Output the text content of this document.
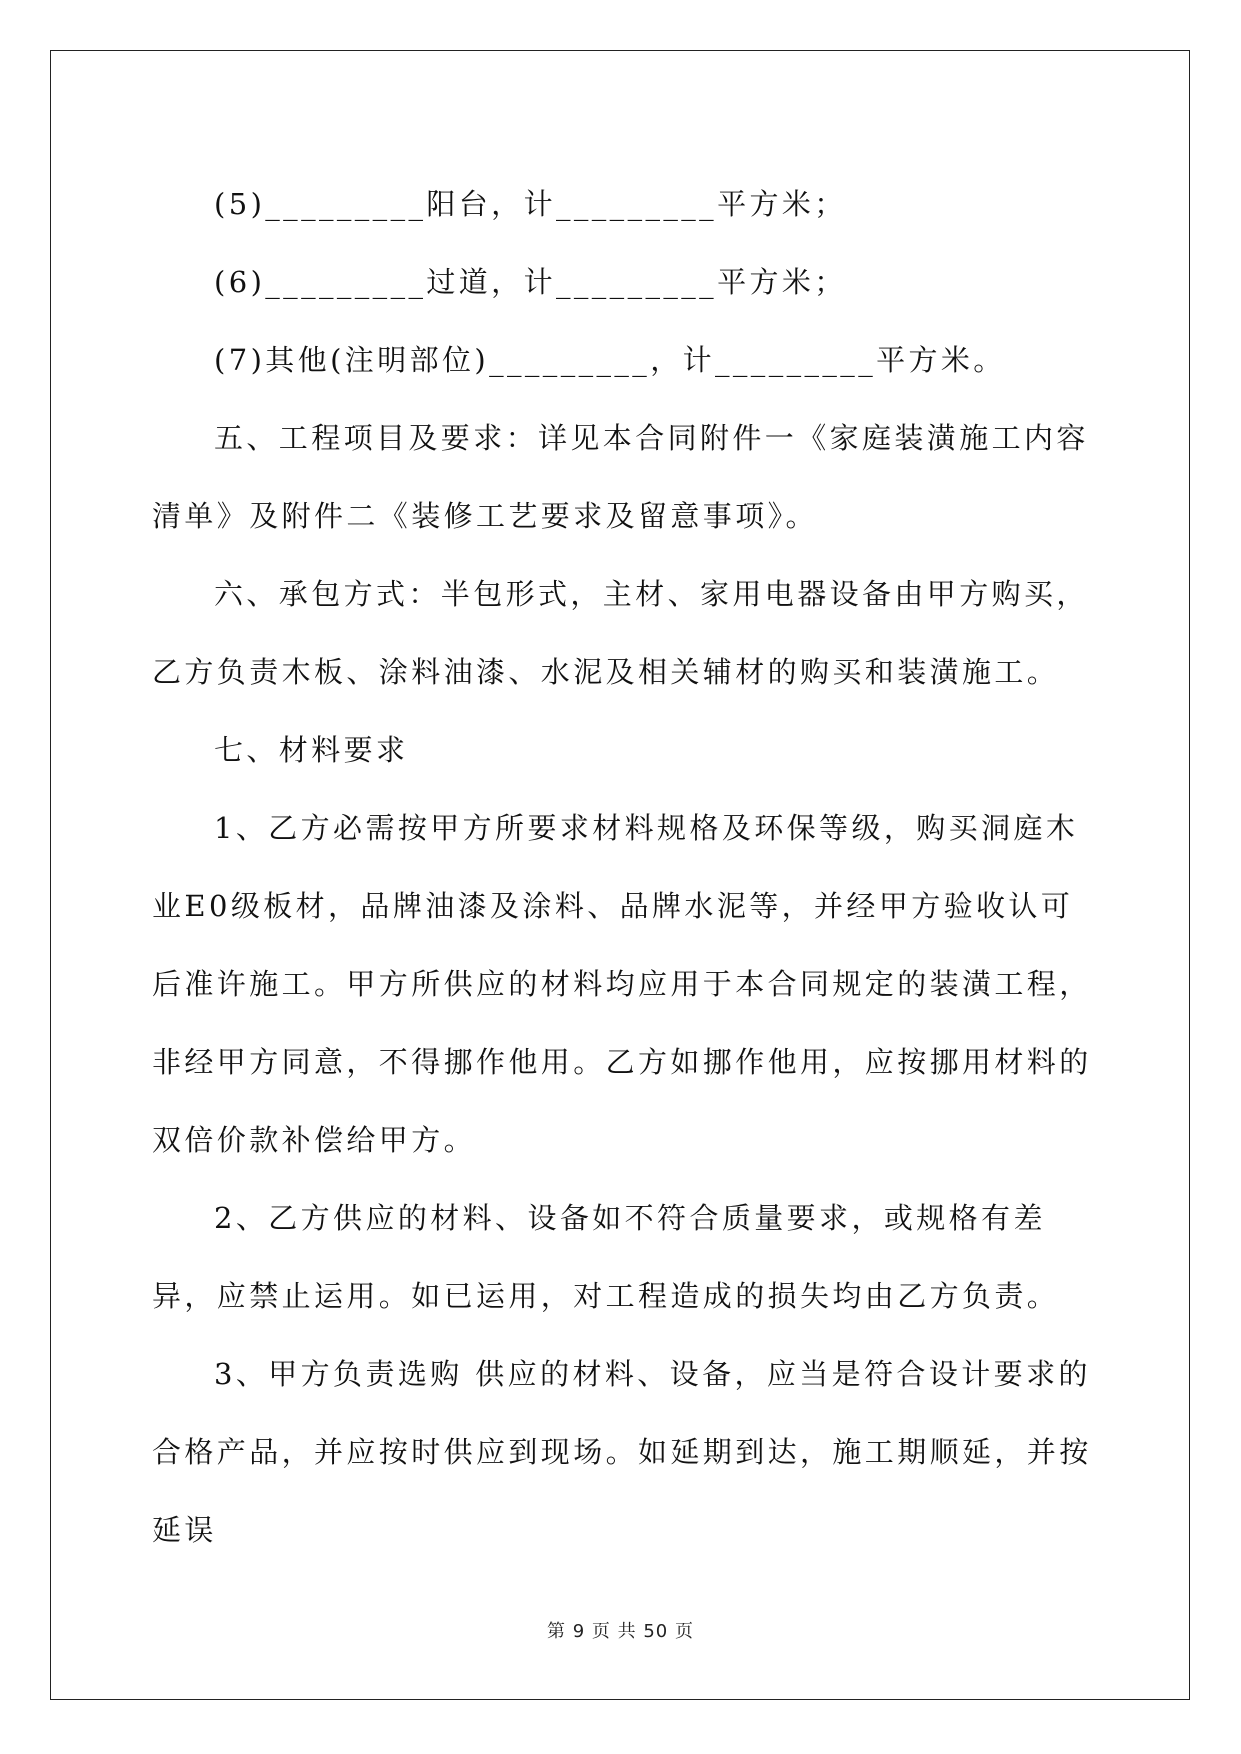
(5)_________阳台，计_________平方米；

(6)_________过道，计_________平方米；

(7)其他(注明部位)_________，计_________平方米。

五、工程项目及要求：详见本合同附件一《家庭装潢施工内容清单》及附件二《装修工艺要求及留意事项》。

六、承包方式：半包形式，主材、家用电器设备由甲方购买，乙方负责木板、涂料油漆、水泥及相关辅材的购买和装潢施工。

七、材料要求

1、乙方必需按甲方所要求材料规格及环保等级，购买洞庭木业E0级板材，品牌油漆及涂料、品牌水泥等，并经甲方验收认可后准许施工。甲方所供应的材料均应用于本合同规定的装潢工程，非经甲方同意，不得挪作他用。乙方如挪作他用，应按挪用材料的双倍价款补偿给甲方。

2、乙方供应的材料、设备如不符合质量要求，或规格有差异，应禁止运用。如已运用，对工程造成的损失均由乙方负责。

3、甲方负责选购 供应的材料、设备，应当是符合设计要求的合格产品，并应按时供应到现场。如延期到达，施工期顺延，并按延误

第 9 页 共 50 页
